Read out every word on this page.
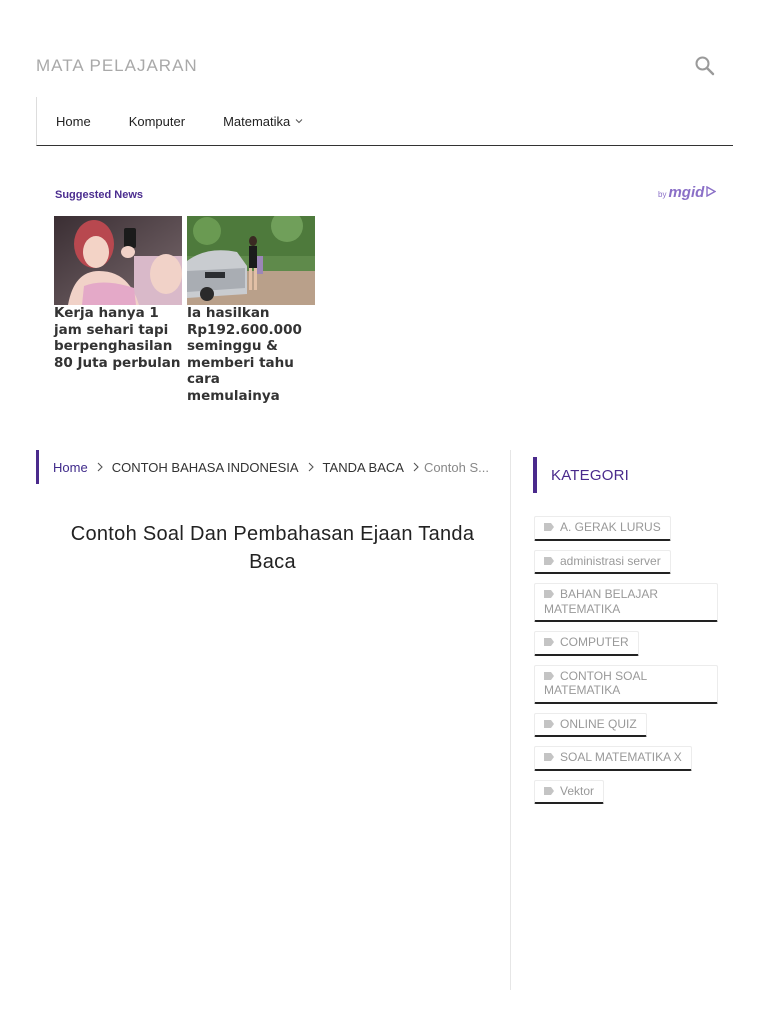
MATA PELAJARAN
Home	Komputer	Matematika
Suggested News	by mgid
Kerja hanya 1 jam sehari tapi berpenghasilan 80 Juta perbulan
Ia hasilkan Rp192.600.000 seminggu & memberi tahu cara memulainya
Home CONTOH BAHASA INDONESIA TANDA BACA Contoh S...
Contoh Soal Dan Pembahasan Ejaan Tanda Baca
KATEGORI
A. GERAK LURUS
administrasi server
BAHAN BELAJAR MATEMATIKA
COMPUTER
CONTOH SOAL MATEMATIKA
ONLINE QUIZ
SOAL MATEMATIKA X
Vektor
